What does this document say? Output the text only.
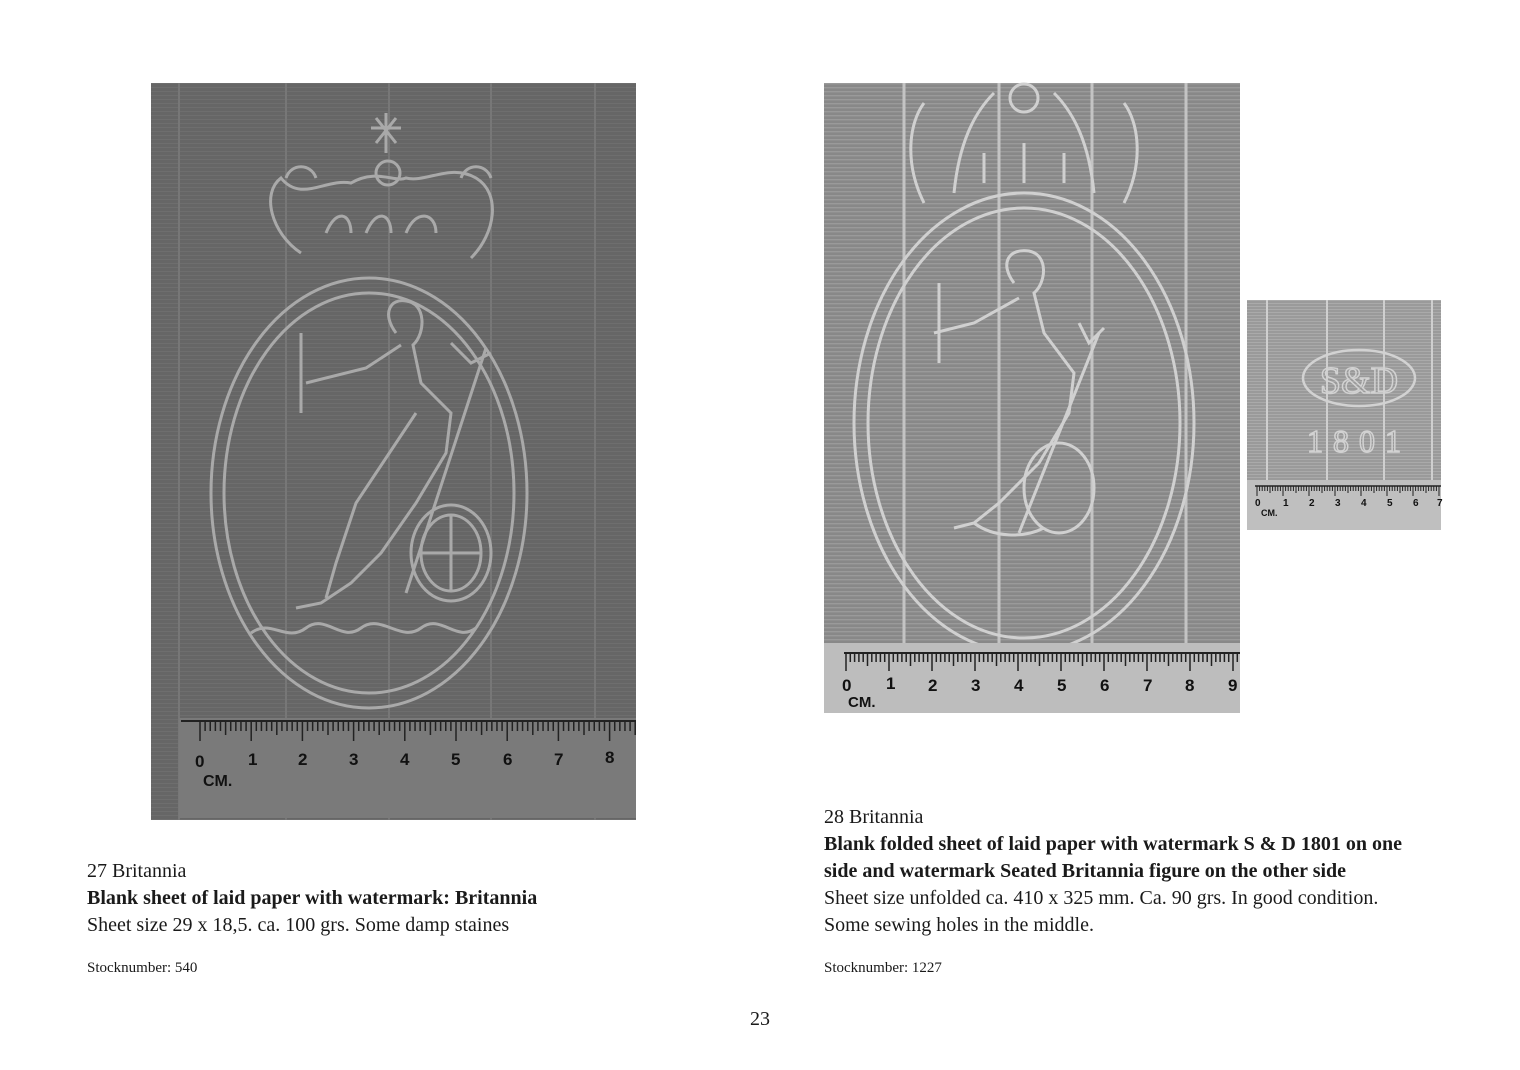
0	1 2 3 4 5	6 7 8
CM.
0 1 2 3 4 5 6 7 8 9
CM.
S&D
1801
0 1 2 3 4 5 6 7
CM.
27 Britannia
Blank sheet of laid paper with watermark: Britannia
Sheet size 29 x 18,5. ca. 100 grs. Some damp staines
Stocknumber: 540
28 Britannia
Blank folded sheet of laid paper with watermark S & D 1801 on one
side and watermark Seated Britannia figure on the other side
Sheet size unfolded ca. 410 x 325 mm. Ca. 90 grs. In good condition.
Some sewing holes in the middle.
Stocknumber: 1227
23
